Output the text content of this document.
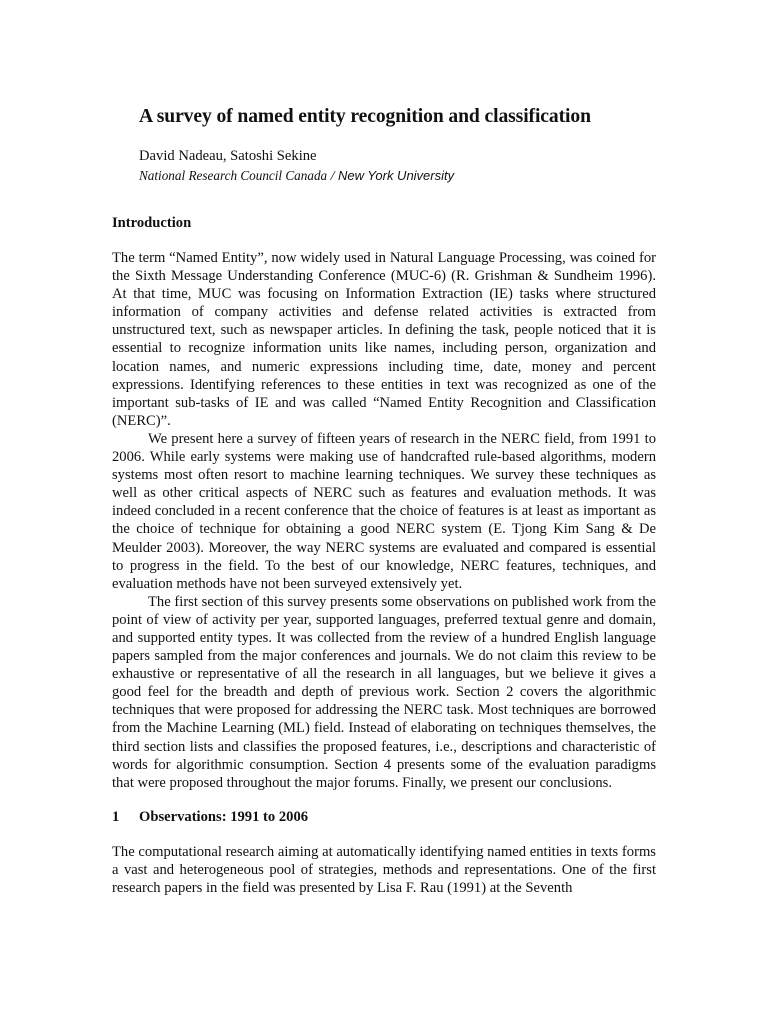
A survey of named entity recognition and classification

David Nadeau, Satoshi Sekine

National Research Council Canada / New York University

Introduction

The term “Named Entity”, now widely used in Natural Language Processing, was coined for the Sixth Message Understanding Conference (MUC-6) (R. Grishman & Sundheim 1996). At that time, MUC was focusing on Information Extraction (IE) tasks where structured information of company activities and defense related activities is extracted from unstructured text, such as newspaper articles. In defining the task, people noticed that it is essential to recognize information units like names, including person, organization and location names, and numeric expressions including time, date, money and percent expressions. Identifying references to these entities in text was recognized as one of the important sub-tasks of IE and was called “Named Entity Recognition and Classification (NERC)”.

We present here a survey of fifteen years of research in the NERC field, from 1991 to 2006. While early systems were making use of handcrafted rule-based algorithms, modern systems most often resort to machine learning techniques. We survey these techniques as well as other critical aspects of NERC such as features and evaluation methods. It was indeed concluded in a recent conference that the choice of features is at least as important as the choice of technique for obtaining a good NERC system (E. Tjong Kim Sang & De Meulder 2003). Moreover, the way NERC systems are evaluated and compared is essential to progress in the field. To the best of our knowledge, NERC features, techniques, and evaluation methods have not been surveyed extensively yet.

The first section of this survey presents some observations on published work from the point of view of activity per year, supported languages, preferred textual genre and domain, and supported entity types. It was collected from the review of a hundred English language papers sampled from the major conferences and journals. We do not claim this review to be exhaustive or representative of all the research in all languages, but we believe it gives a good feel for the breadth and depth of previous work. Section 2 covers the algorithmic techniques that were proposed for addressing the NERC task. Most techniques are borrowed from the Machine Learning (ML) field. Instead of elaborating on techniques themselves, the third section lists and classifies the proposed features, i.e., descriptions and characteristic of words for algorithmic consumption. Section 4 presents some of the evaluation paradigms that were proposed throughout the major forums. Finally, we present our conclusions.

1 Observations: 1991 to 2006

The computational research aiming at automatically identifying named entities in texts forms a vast and heterogeneous pool of strategies, methods and representations. One of the first research papers in the field was presented by Lisa F. Rau (1991) at the Seventh
